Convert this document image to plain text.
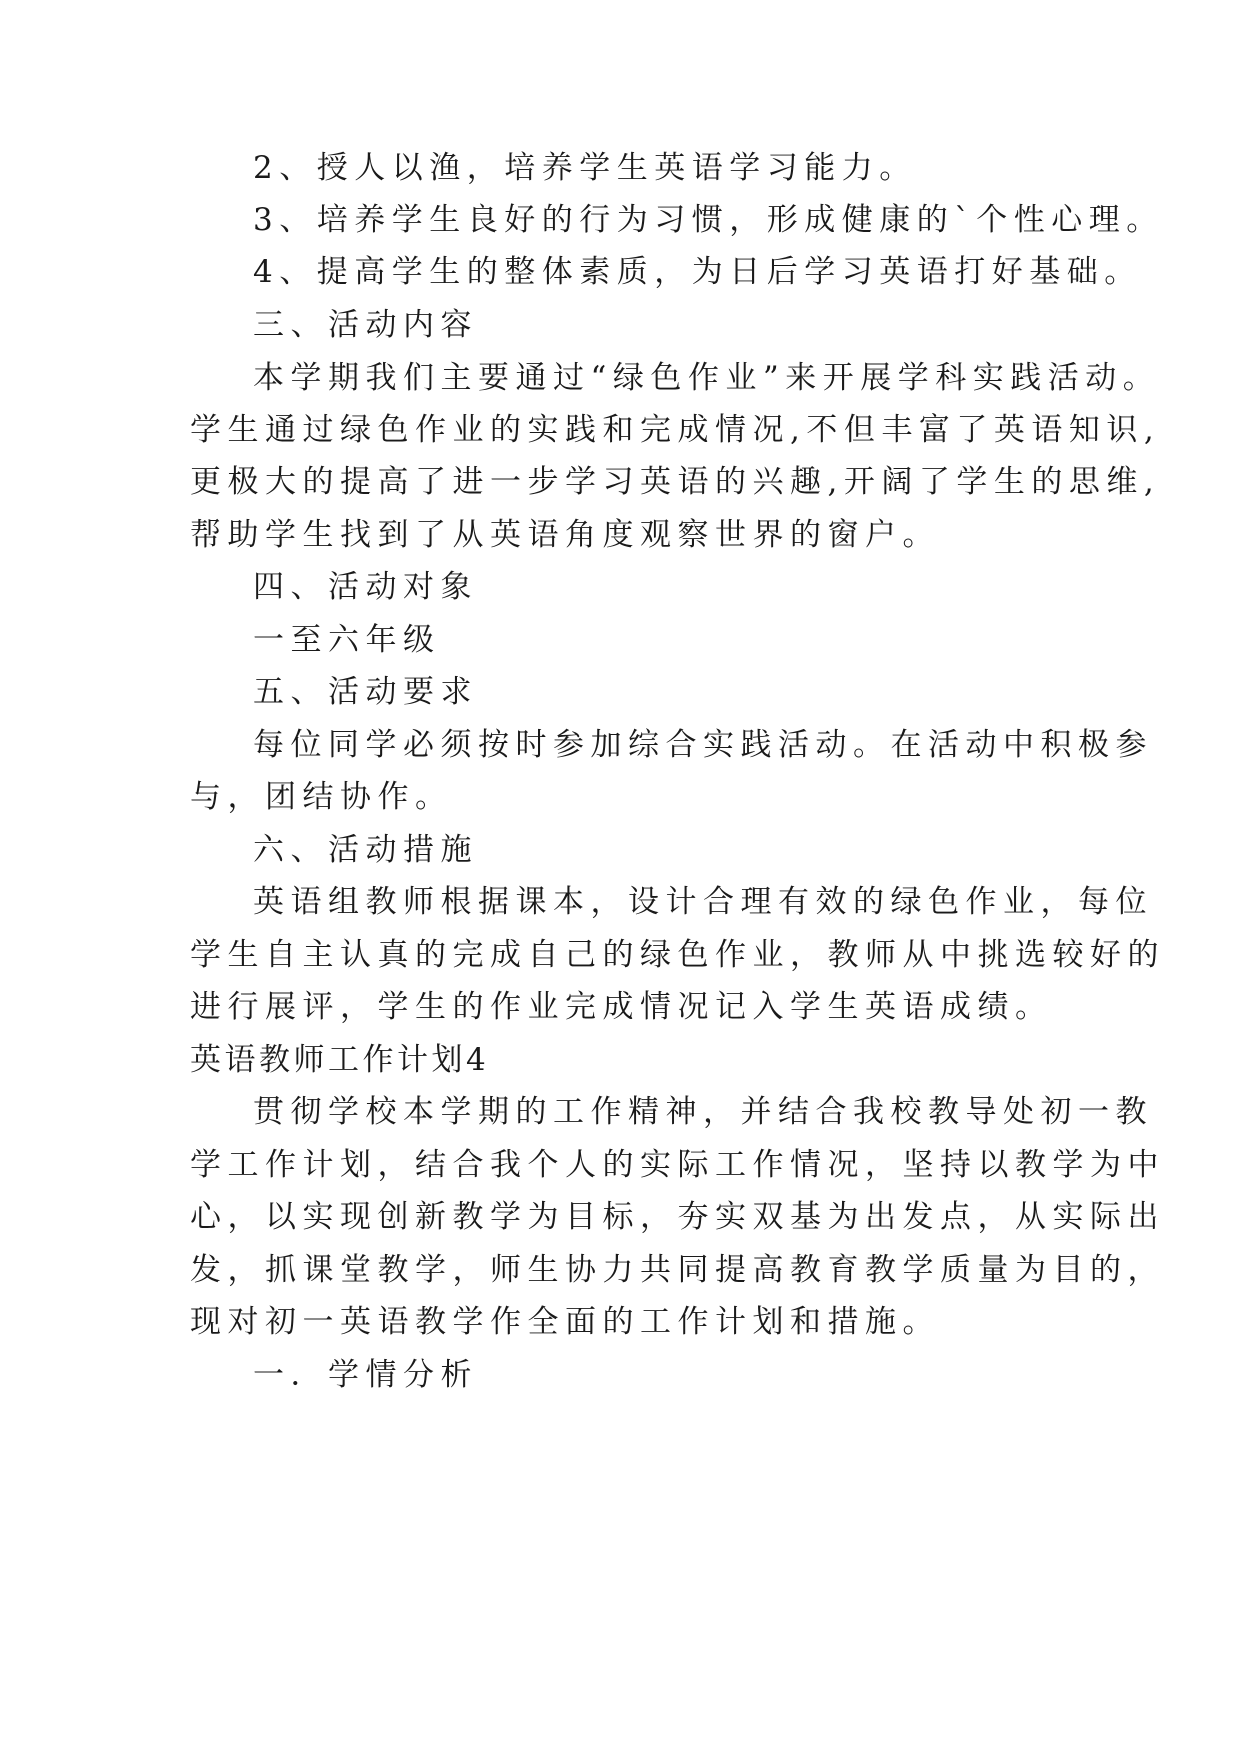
2、授人以渔，培养学生英语学习能力。
3、培养学生良好的行为习惯，形成健康的`个性心理。
4、提高学生的整体素质，为日后学习英语打好基础。
三、活动内容
本学期我们主要通过“绿色作业”来开展学科实践活动。
学生通过绿色作业的实践和完成情况,不但丰富了英语知识,
更极大的提高了进一步学习英语的兴趣,开阔了学生的思维,
帮助学生找到了从英语角度观察世界的窗户。
四、活动对象
一至六年级
五、活动要求
每位同学必须按时参加综合实践活动。在活动中积极参
与，团结协作。
六、活动措施
英语组教师根据课本，设计合理有效的绿色作业，每位
学生自主认真的完成自己的绿色作业，教师从中挑选较好的
进行展评，学生的作业完成情况记入学生英语成绩。
英语教师工作计划4
贯彻学校本学期的工作精神，并结合我校教导处初一教
学工作计划，结合我个人的实际工作情况，坚持以教学为中
心，以实现创新教学为目标，夯实双基为出发点，从实际出
发，抓课堂教学，师生协力共同提高教育教学质量为目的，
现对初一英语教学作全面的工作计划和措施。
一．学情分析
